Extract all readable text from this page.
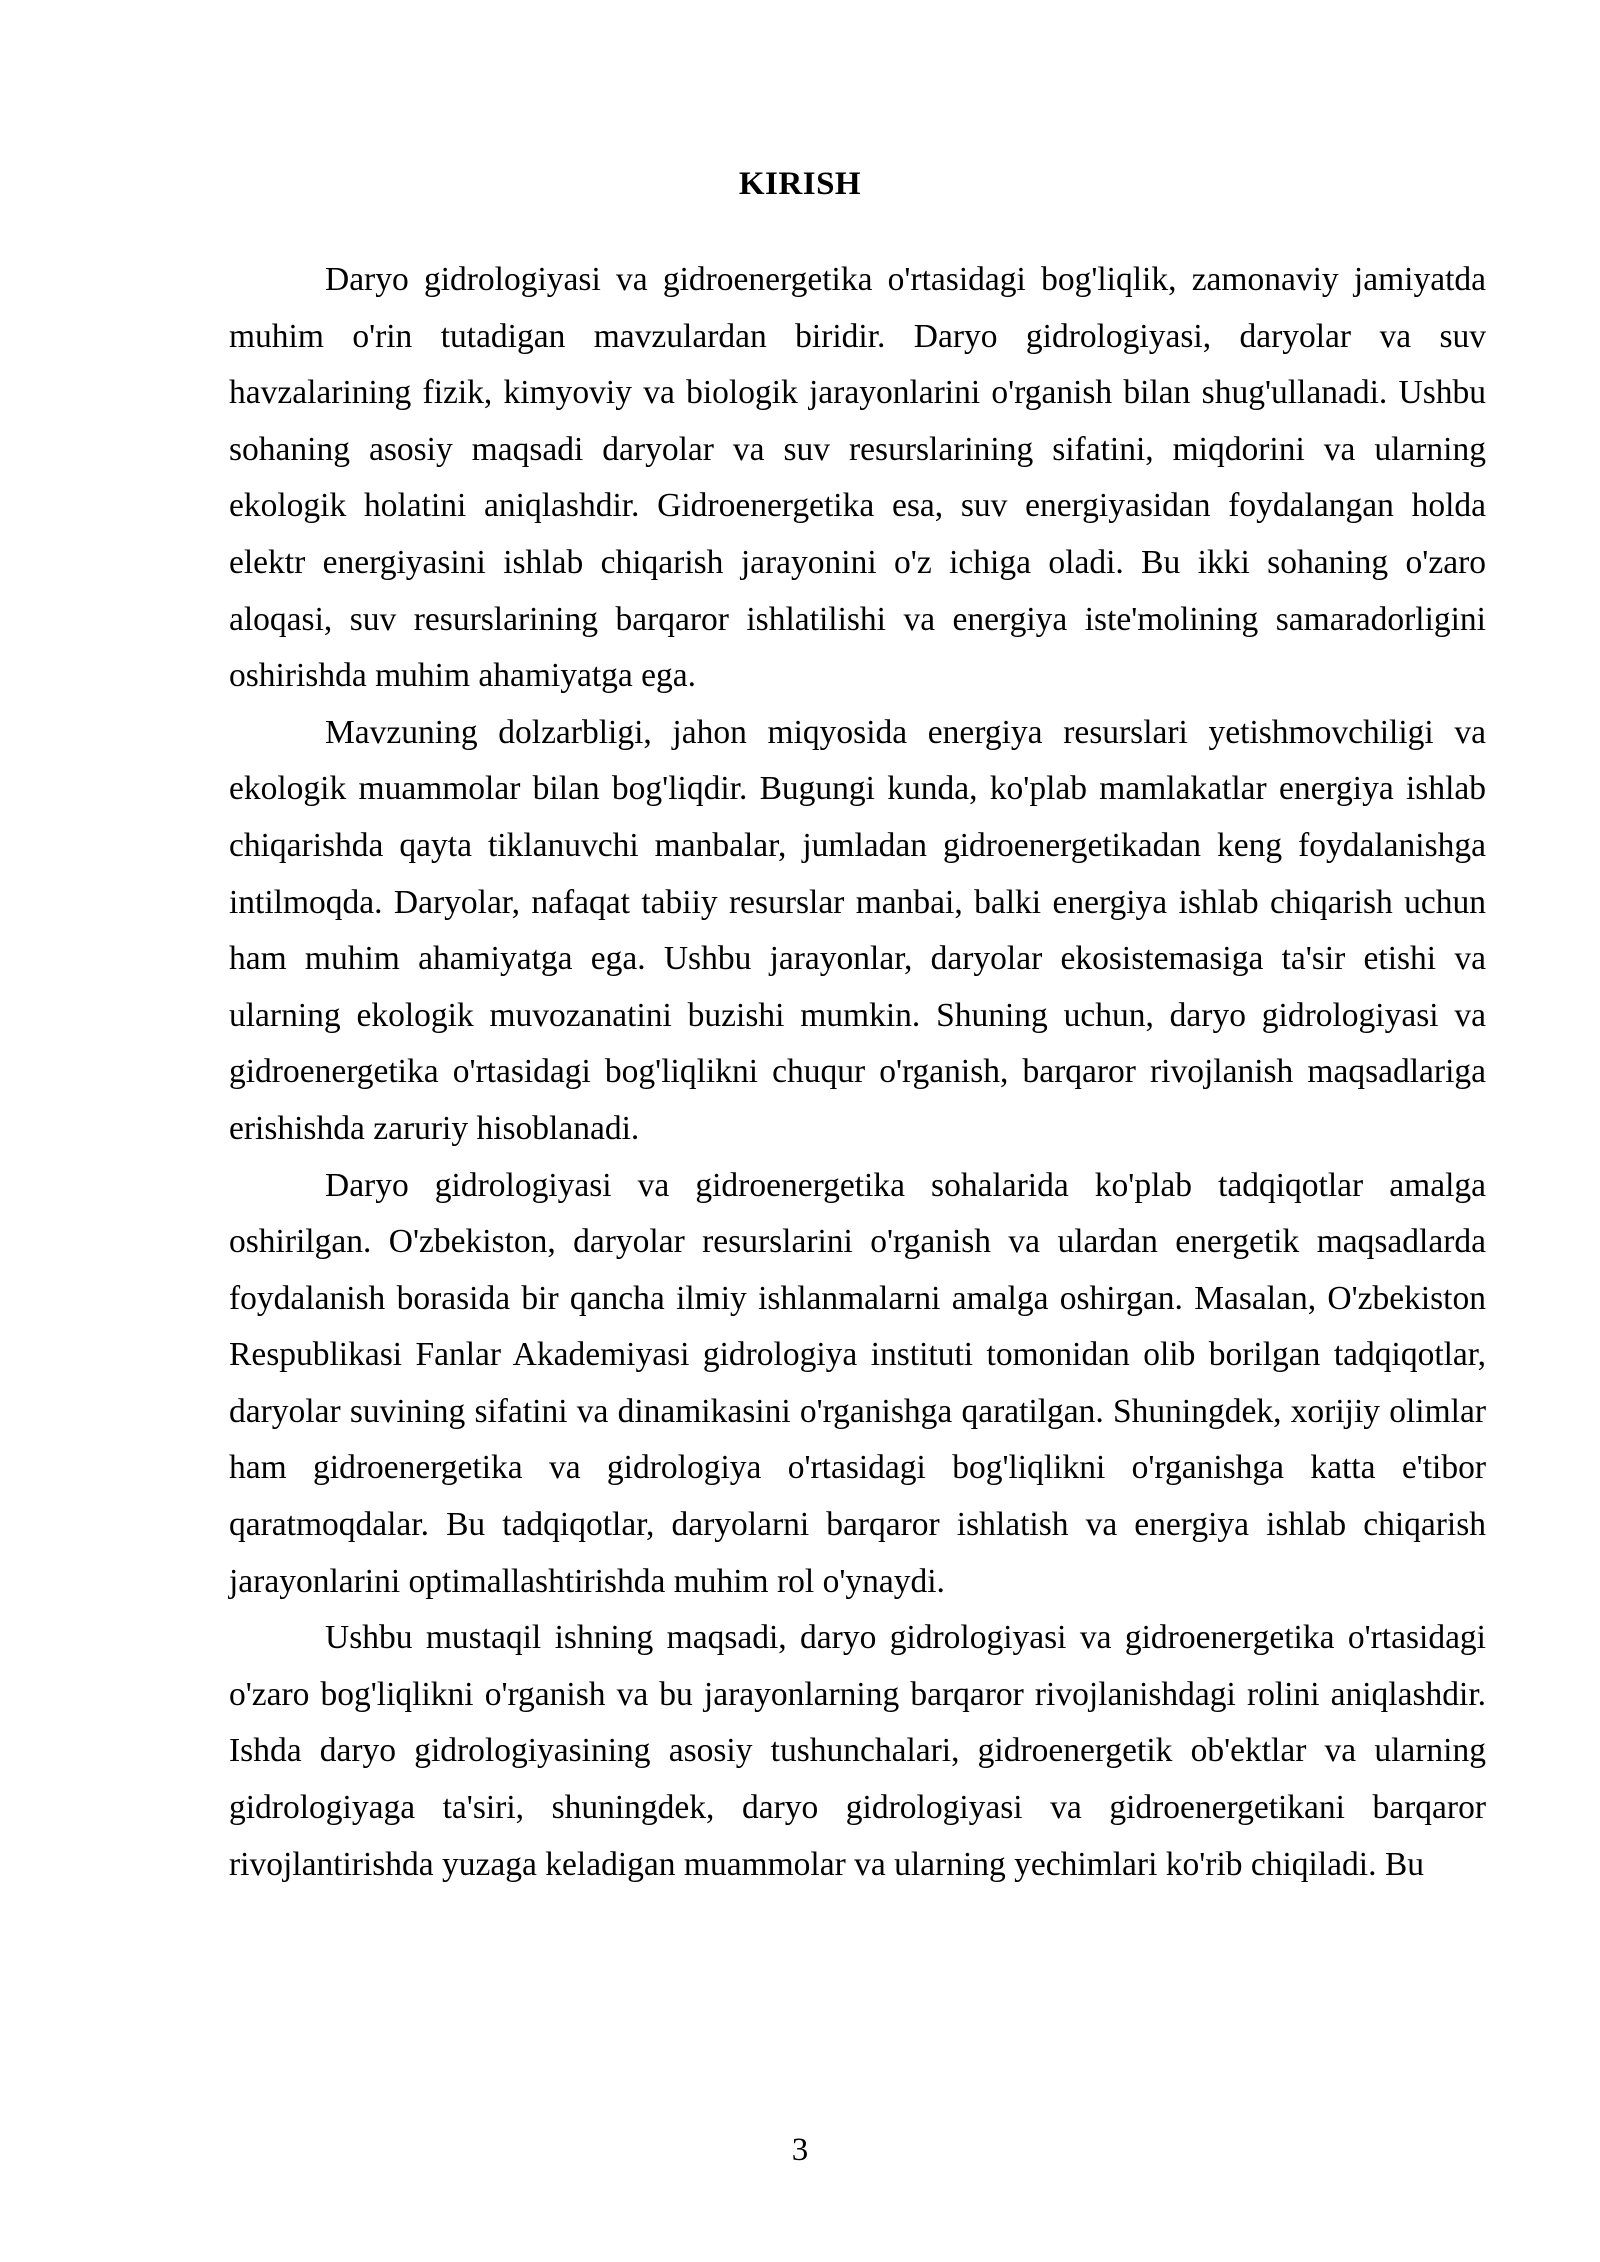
KIRISH

Daryo gidrologiyasi va gidroenergetika o'rtasidagi bog'liqlik, zamonaviy jamiyatda muhim o'rin tutadigan mavzulardan biridir. Daryo gidrologiyasi, daryolar va suv havzalarining fizik, kimyoviy va biologik jarayonlarini o'rganish bilan shug'ullanadi. Ushbu sohaning asosiy maqsadi daryolar va suv resurslarining sifatini, miqdorini va ularning ekologik holatini aniqlashdir. Gidroenergetika esa, suv energiyasidan foydalangan holda elektr energiyasini ishlab chiqarish jarayonini o'z ichiga oladi. Bu ikki sohaning o'zaro aloqasi, suv resurslarining barqaror ishlatilishi va energiya iste'molining samaradorligini oshirishda muhim ahamiyatga ega.

Mavzuning dolzarbligi, jahon miqyosida energiya resurslari yetishmovchiligi va ekologik muammolar bilan bog'liqdir. Bugungi kunda, ko'plab mamlakatlar energiya ishlab chiqarishda qayta tiklanuvchi manbalar, jumladan gidroenergetikadan keng foydalanishga intilmoqda. Daryolar, nafaqat tabiiy resurslar manbai, balki energiya ishlab chiqarish uchun ham muhim ahamiyatga ega. Ushbu jarayonlar, daryolar ekosistemasiga ta'sir etishi va ularning ekologik muvozanatini buzishi mumkin. Shuning uchun, daryo gidrologiyasi va gidroenergetika o'rtasidagi bog'liqlikni chuqur o'rganish, barqaror rivojlanish maqsadlariga erishishda zaruriy hisoblanadi.

Daryo gidrologiyasi va gidroenergetika sohalarida ko'plab tadqiqotlar amalga oshirilgan. O'zbekiston, daryolar resurslarini o'rganish va ulardan energetik maqsadlarda foydalanish borasida bir qancha ilmiy ishlanmalarni amalga oshirgan. Masalan, O'zbekiston Respublikasi Fanlar Akademiyasi gidrologiya instituti tomonidan olib borilgan tadqiqotlar, daryolar suvining sifatini va dinamikasini o'rganishga qaratilgan. Shuningdek, xorijiy olimlar ham gidroenergetika va gidrologiya o'rtasidagi bog'liqlikni o'rganishga katta e'tibor qaratmoqdalar. Bu tadqiqotlar, daryolarni barqaror ishlatish va energiya ishlab chiqarish jarayonlarini optimallashtirishda muhim rol o'ynaydi.

Ushbu mustaqil ishning maqsadi, daryo gidrologiyasi va gidroenergetika o'rtasidagi o'zaro bog'liqlikni o'rganish va bu jarayonlarning barqaror rivojlanishdagi rolini aniqlashdir. Ishda daryo gidrologiyasining asosiy tushunchalari, gidroenergetik ob'ektlar va ularning gidrologiyaga ta'siri, shuningdek, daryo gidrologiyasi va gidroenergetikani barqaror rivojlantirishda yuzaga keladigan muammolar va ularning yechimlari ko'rib chiqiladi. Bu

3
